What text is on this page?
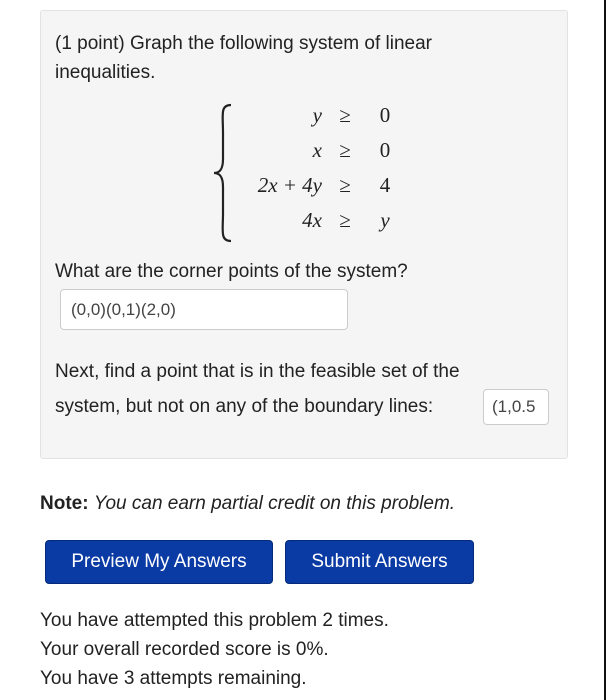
(1 point) Graph the following system of linear inequalities.

y ≥	0
x ≥	0
2x + 4y ≥	4
4x ≥	y

What are the corner points of the system?

(0,0)(0,1)(2,0)

Next, find a point that is in the feasible set of the system, but not on any of the boundary lines:

(1,0.5

Note: You can earn partial credit on this problem.

Preview My Answers	Submit Answers
You have attempted this problem 2 times.
Your overall recorded score is 0%.
You have 3 attempts remaining.
